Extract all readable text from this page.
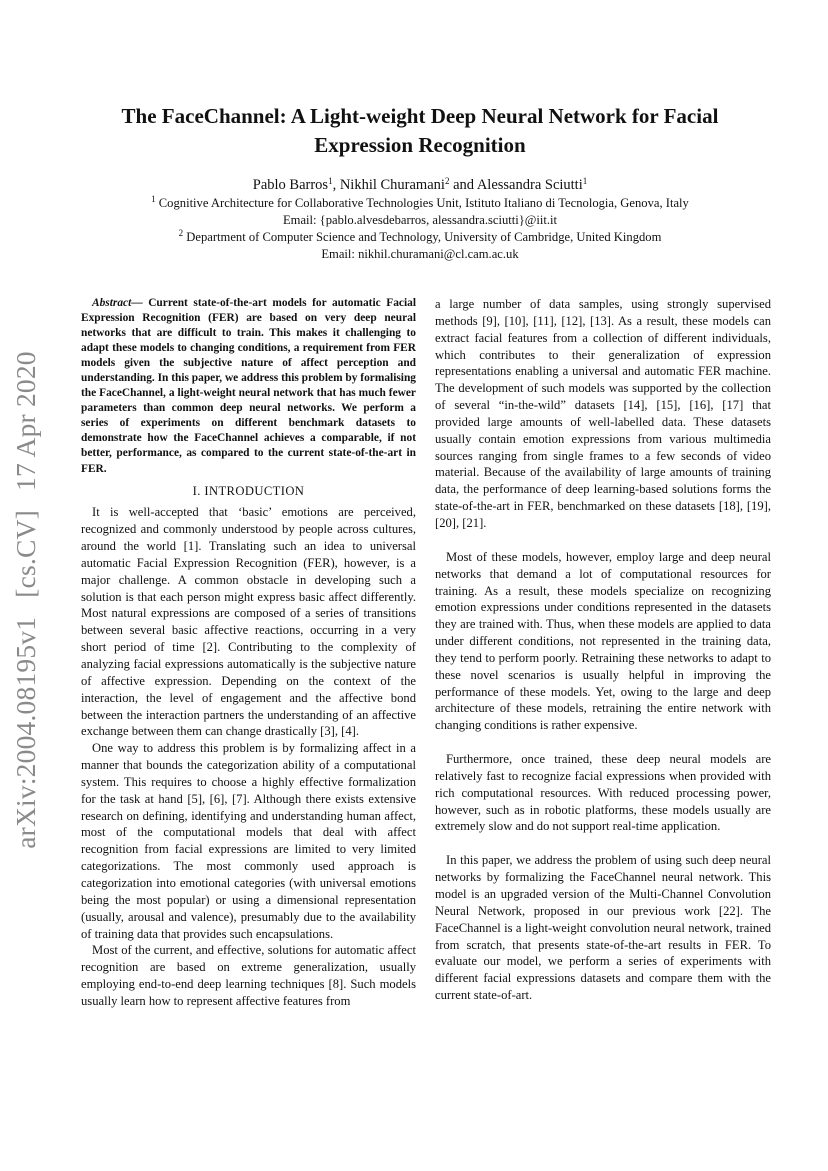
arXiv:2004.08195v1 [cs.CV] 17 Apr 2020
The FaceChannel: A Light-weight Deep Neural Network for Facial
Expression Recognition
Pablo Barros$^1$, Nikhil Churamani$^2$ and Alessandra Sciutti$^1$
$^1$ Cognitive Architecture for Collaborative Technologies Unit, Istituto Italiano di Tecnologia, Genova, Italy
Email: {pablo.alvesdebarros, alessandra.sciutti}@iit.it
$^2$ Department of Computer Science and Technology, University of Cambridge, United Kingdom
Email: nikhil.churamani@cl.cam.ac.uk

Abstract— Current state-of-the-art models for automatic Facial Expression Recognition (FER) are based on very deep neural networks that are difficult to train. This makes it challenging to adapt these models to changing conditions, a requirement from FER models given the subjective nature of affect perception and understanding. In this paper, we address this problem by formalising the FaceChannel, a light-weight neural network that has much fewer parameters than common deep neural networks. We perform a series of experiments on different benchmark datasets to demonstrate how the FaceChannel achieves a comparable, if not better, performance, as compared to the current state-of-the-art in FER.

I. INTRODUCTION

It is well-accepted that ‘basic’ emotions are perceived, recognized and commonly understood by people across cultures, around the world [1]. Translating such an idea to universal automatic Facial Expression Recognition (FER), however, is a major challenge. A common obstacle in developing such a solution is that each person might express basic affect differently. Most natural expressions are composed of a series of transitions between several basic affective reactions, occurring in a very short period of time [2]. Contributing to the complexity of analyzing facial expressions automatically is the subjective nature of affective expression. Depending on the context of the interaction, the level of engagement and the affective bond between the interaction partners the understanding of an affective exchange between them can change drastically [3], [4].

One way to address this problem is by formalizing affect in a manner that bounds the categorization ability of a computational system. This requires to choose a highly effective formalization for the task at hand [5], [6], [7]. Although there exists extensive research on defining, identifying and understanding human affect, most of the computational models that deal with affect recognition from facial expressions are limited to very limited categorizations. The most commonly used approach is categorization into emotional categories (with universal emotions being the most popular) or using a dimensional representation (usually, arousal and valence), presumably due to the availability of training data that provides such encapsulations.

Most of the current, and effective, solutions for automatic affect recognition are based on extreme generalization, usually employing end-to-end deep learning techniques [8]. Such models usually learn how to represent affective features from

a large number of data samples, using strongly supervised methods [9], [10], [11], [12], [13]. As a result, these models can extract facial features from a collection of different individuals, which contributes to their generalization of expression representations enabling a universal and automatic FER machine. The development of such models was supported by the collection of several “in-the-wild” datasets [14], [15], [16], [17] that provided large amounts of well-labelled data. These datasets usually contain emotion expressions from various multimedia sources ranging from single frames to a few seconds of video material. Because of the availability of large amounts of training data, the performance of deep learning-based solutions forms the state-of-the-art in FER, benchmarked on these datasets [18], [19], [20], [21].

Most of these models, however, employ large and deep neural networks that demand a lot of computational resources for training. As a result, these models specialize on recognizing emotion expressions under conditions represented in the datasets they are trained with. Thus, when these models are applied to data under different conditions, not represented in the training data, they tend to perform poorly. Retraining these networks to adapt to these novel scenarios is usually helpful in improving the performance of these models. Yet, owing to the large and deep architecture of these models, retraining the entire network with changing conditions is rather expensive.

Furthermore, once trained, these deep neural models are relatively fast to recognize facial expressions when provided with rich computational resources. With reduced processing power, however, such as in robotic platforms, these models usually are extremely slow and do not support real-time application.

In this paper, we address the problem of using such deep neural networks by formalizing the FaceChannel neural network. This model is an upgraded version of the Multi-Channel Convolution Neural Network, proposed in our previous work [22]. The FaceChannel is a light-weight convolution neural network, trained from scratch, that presents state-of-the-art results in FER. To evaluate our model, we perform a series of experiments with different facial expressions datasets and compare them with the current state-of-art.
